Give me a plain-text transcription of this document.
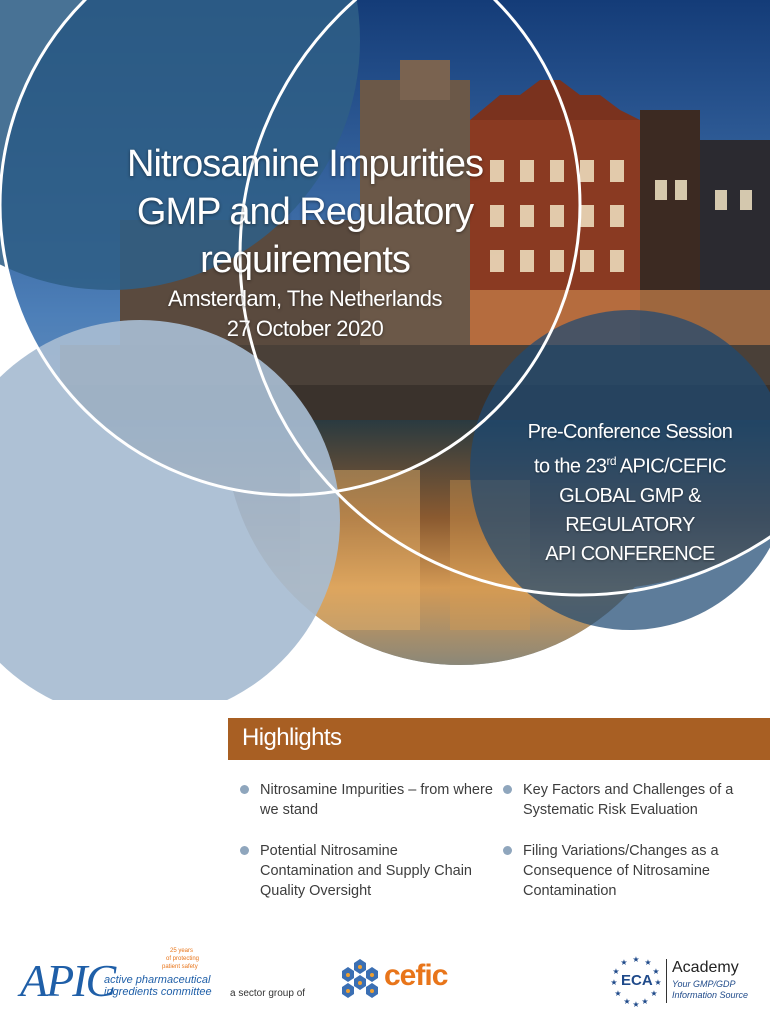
Nitrosamine Impurities
GMP and Regulatory
requirements
Amsterdam, The Netherlands
27 October 2020
Pre-Conference Session
to the 23rd APIC/CEFIC
GLOBAL GMP &
REGULATORY
API CONFERENCE
Highlights
Nitrosamine Impurities – from where we stand
Key Factors and Challenges of a Systematic Risk Evaluation
Potential Nitrosamine Contamination and Supply Chain Quality Oversight
Filing Variations/Changes as a Consequence of Nitrosamine Contamination
APIC
active pharmaceutical
ingredients committee
25 years
of protecting
patient safety
a sector group of
cefic	★ ★
★
★
★
★
★
★
★
★
★
★
ECA
Academy
Your GMP/GDP
Information Source
